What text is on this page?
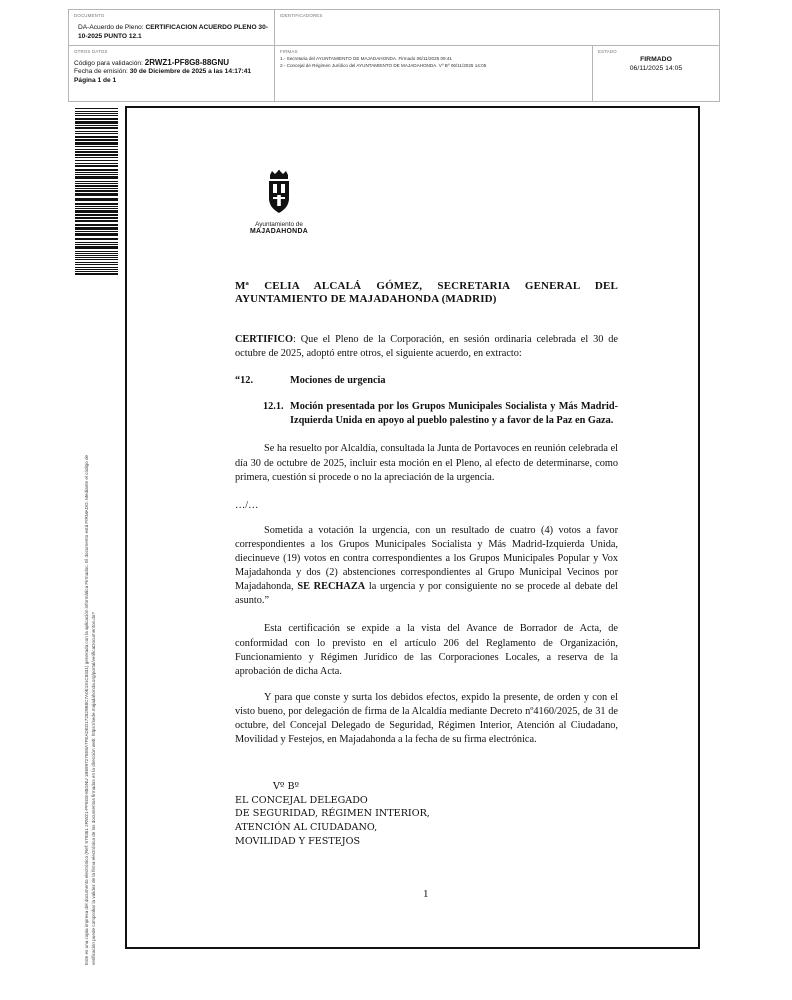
DOCUMENTO
DA-Acuerdo de Pleno: CERTIFICACION ACUERDO PLENO 30-10-2025 PUNTO 12.1
IDENTIFICADORES
OTROS DATOS
Código para validación: 2RWZ1-PF8G8-88GNU
Fecha de emisión: 30 de Diciembre de 2025 a las 14:17:41
Página 1 de 1
FIRMAS
1.- Secretaria del AYUNTAMIENTO DE MAJADAHONDA. Firmado 06/11/2025 09:41
2.- Concejal de Régimen Jurídico del AYUNTAMIENTO DE MAJADAHONDA. Vº Bº 06/11/2025 14:05
ESTADO
FIRMADO
06/11/2025 14:05
Este es una copia impresa del documento electrónico (Ref: 579361 2RWZ1-PF8G8-88GNU 1B6997275E8A7FEADED172829B8C7A0E191C8331) generada con la aplicación informática Firmadoc. El documento está FIRMADO. Mediante el código de verificación puede comprobar la validez de la firma electrónica de los documentos firmados en la dirección web: https://sede.majadahonda.org/portal/verificaDocumentos.do?
Ayuntamiento de
MAJADAHONDA

Mª CELIA ALCALÁ GÓMEZ, SECRETARIA GENERAL DEL AYUNTAMIENTO DE MAJADAHONDA (MADRID)

CERTIFICO: Que el Pleno de la Corporación, en sesión ordinaria celebrada el 30 de octubre de 2025, adoptó entre otros, el siguiente acuerdo, en extracto:

“12.	Mociones de urgencia
12.1. Moción presentada por los Grupos Municipales Socialista y Más Madrid-Izquierda Unida en apoyo al pueblo palestino y a favor de la Paz en Gaza.

Se ha resuelto por Alcaldía, consultada la Junta de Portavoces en reunión celebrada el día 30 de octubre de 2025, incluir esta moción en el Pleno, al efecto de determinarse, como primera, cuestión si procede o no la apreciación de la urgencia.

…/…

Sometida a votación la urgencia, con un resultado de cuatro (4) votos a favor correspondientes a los Grupos Municipales Socialista y Más Madrid-Izquierda Unida, diecinueve (19) votos en contra correspondientes a los Grupos Municipales Popular y Vox Majadahonda y dos (2) abstenciones correspondientes al Grupo Municipal Vecinos por Majadahonda, SE RECHAZA la urgencia y por consiguiente no se procede al debate del asunto.”

Esta certificación se expide a la vista del Avance de Borrador de Acta, de conformidad con lo previsto en el artículo 206 del Reglamento de Organización, Funcionamiento y Régimen Jurídico de las Corporaciones Locales, a reserva de la aprobación de dicha Acta.

Y para que conste y surta los debidos efectos, expido la presente, de orden y con el visto bueno, por delegación de firma de la Alcaldía mediante Decreto nº4160/2025, de 31 de octubre, del Concejal Delegado de Seguridad, Régimen Interior, Atención al Ciudadano, Movilidad y Festejos, en Majadahonda a la fecha de su firma electrónica.

Vº Bº
EL CONCEJAL DELEGADO
DE SEGURIDAD, RÉGIMEN INTERIOR,
ATENCIÓN AL CIUDADANO,
MOVILIDAD Y FESTEJOS
1
